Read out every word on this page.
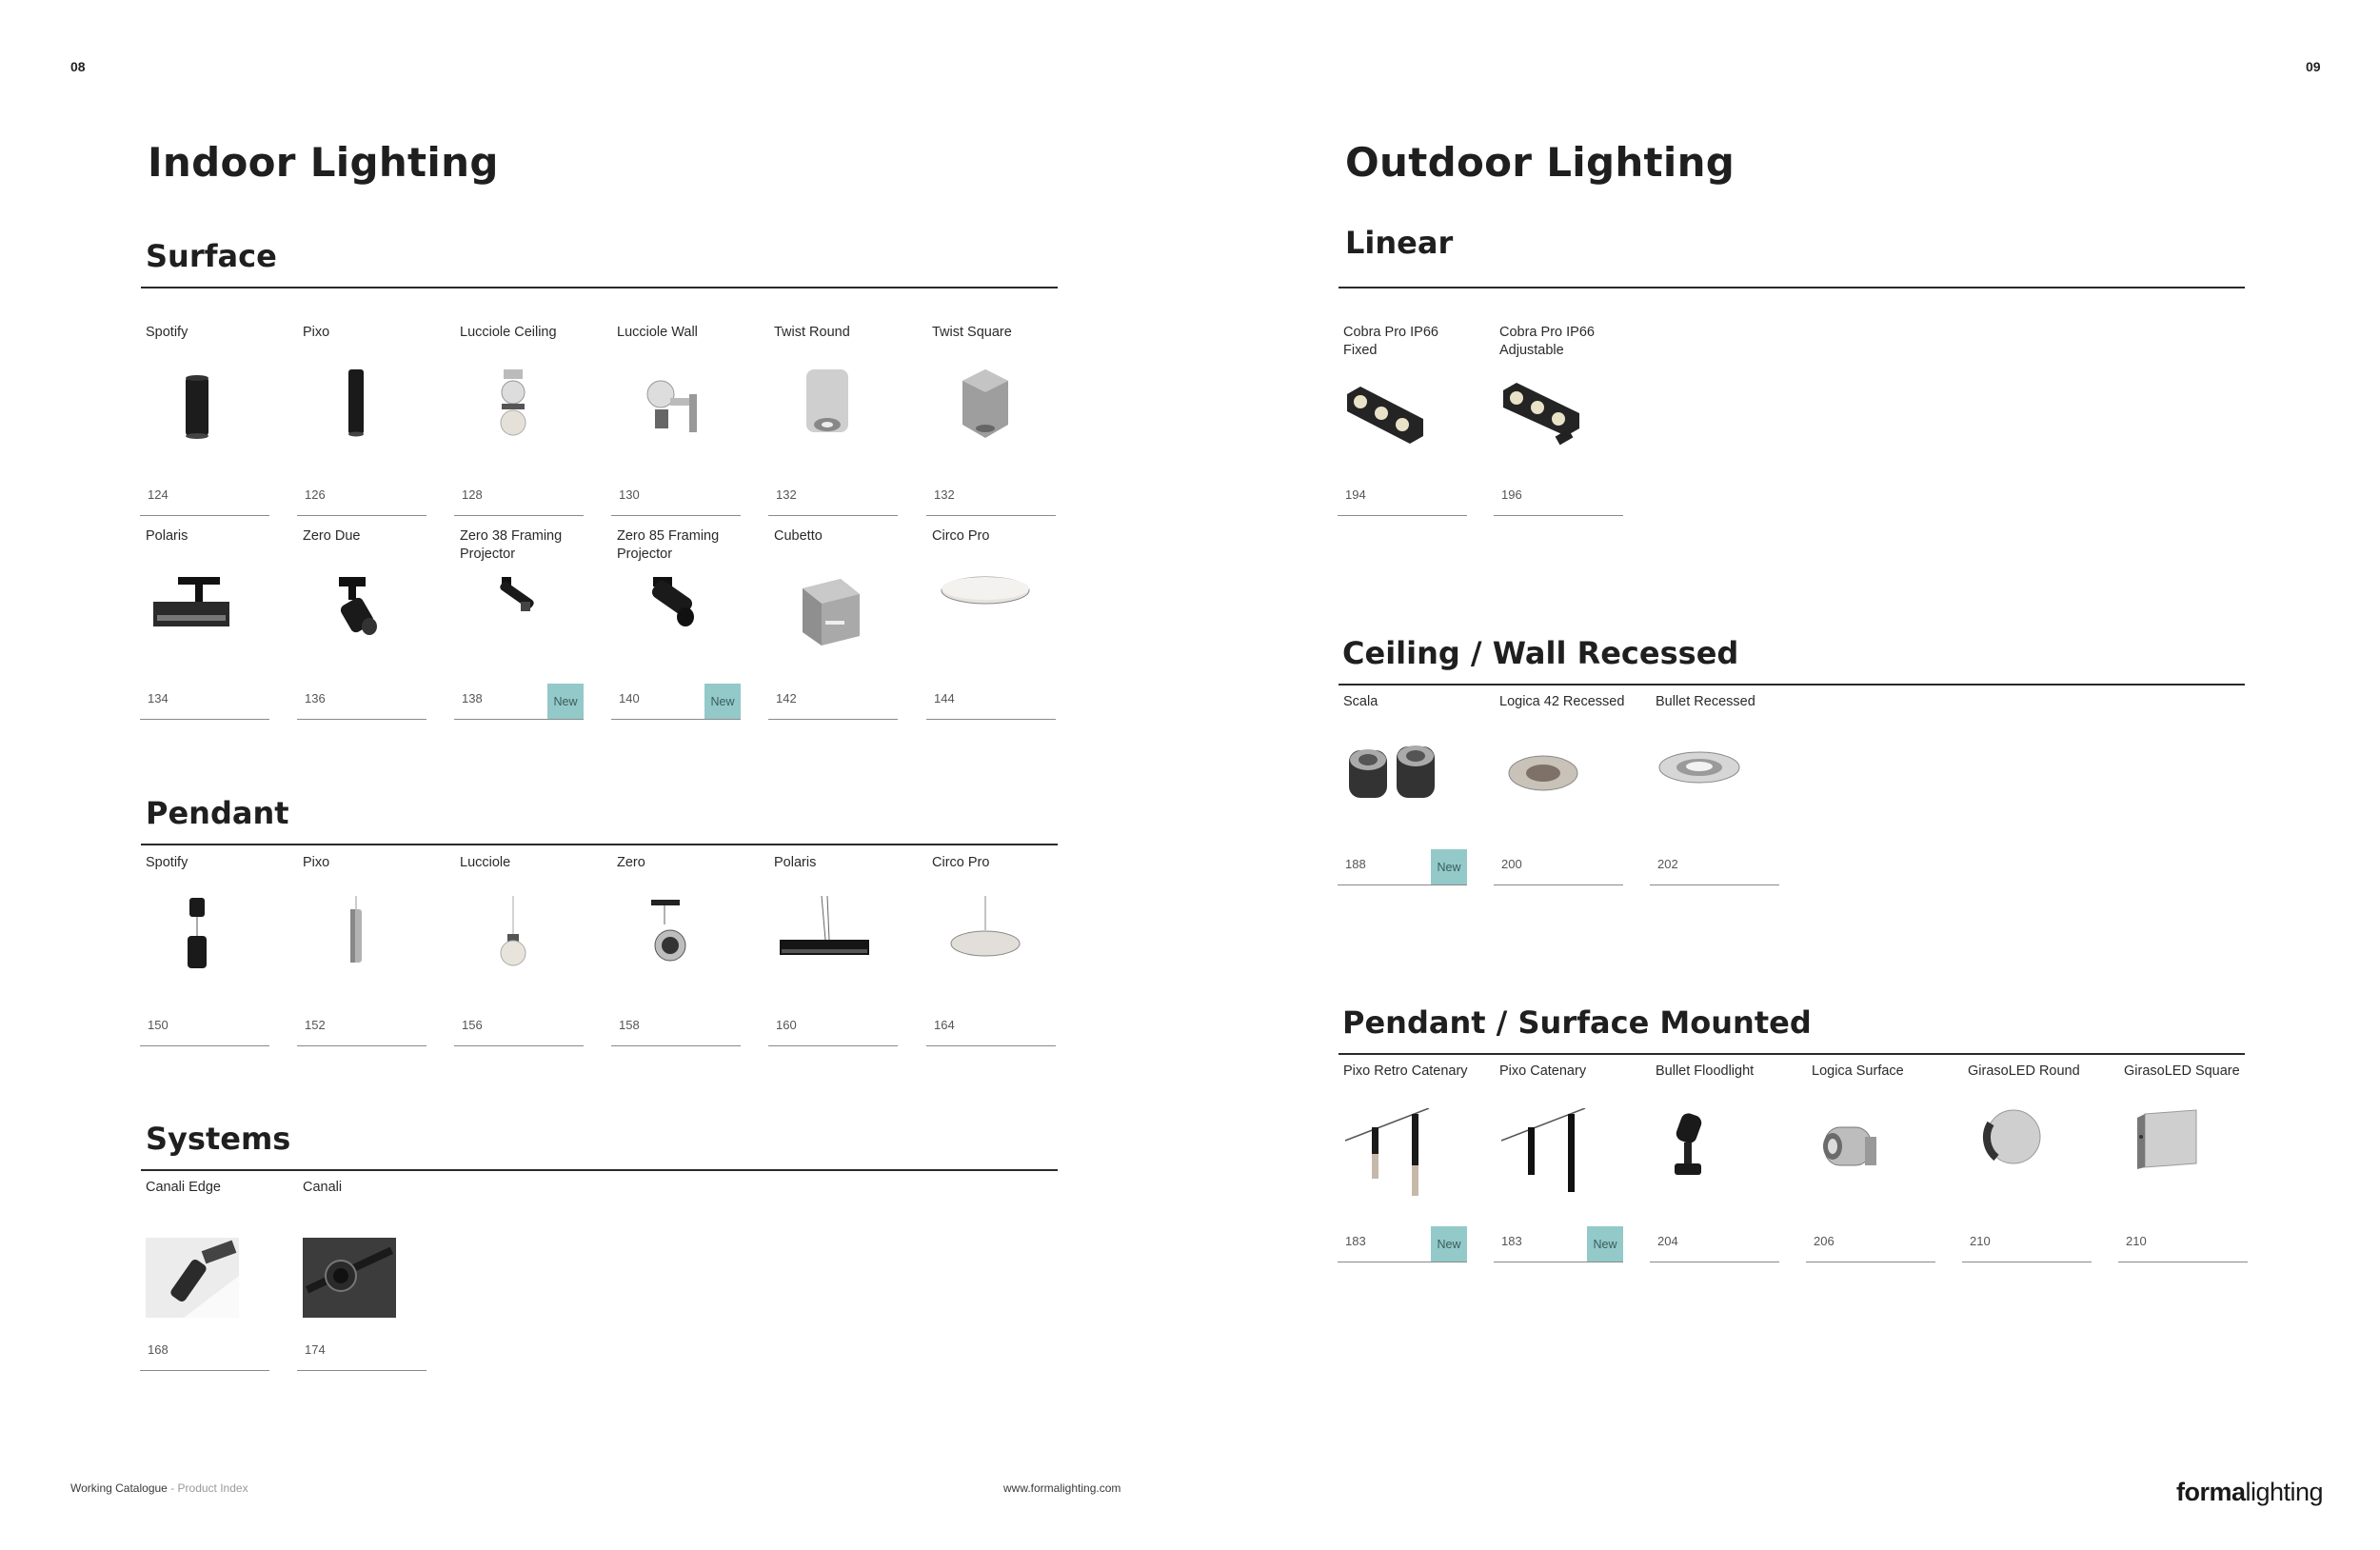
08	09
Indoor Lighting
Surface
Spotify
124
Pixo
126
Lucciole Ceiling
128
Lucciole Wall
130
Twist Round
132
Twist Square
132
Polaris
134
Zero Due
136
Zero 38 Framing Projector
138	New
Zero 85 Framing Projector
140	New
Cubetto
142
Circo Pro
144
Pendant
Spotify
150
Pixo
152
Lucciole
156
Zero
158
Polaris
160
Circo Pro
164
Systems
Canali Edge
168
Canali
174
Outdoor Lighting
Linear
Cobra Pro IP66 Fixed
194
Cobra Pro IP66 Adjustable
196
Ceiling / Wall Recessed
Scala
188	New
Logica 42 Recessed
200
Bullet Recessed
202
Pendant / Surface Mounted
Pixo Retro Catenary
183	New
Pixo Catenary
183	New
Bullet Floodlight
204
Logica Surface
206
GirasoLED Round
210
GirasoLED Square
210
Working Catalogue - Product Index	www.formalighting.com	formalighting
